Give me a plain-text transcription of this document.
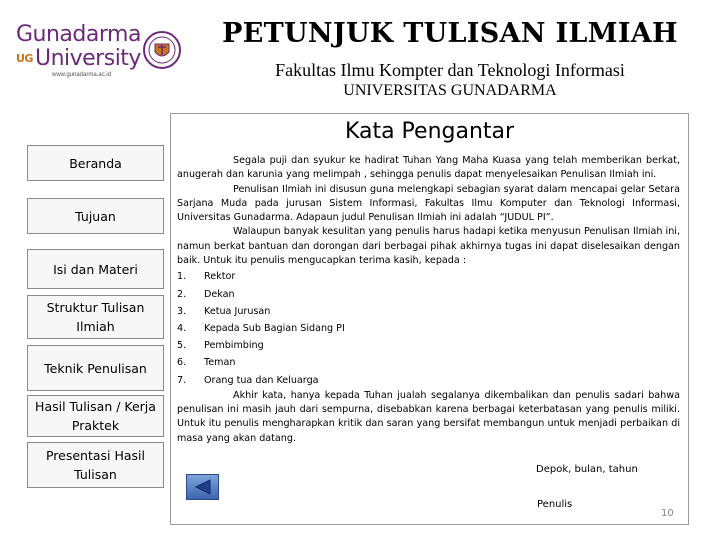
Gunadarma
UGUniversity
www.gunadarma.ac.id
PETUNJUK TULISAN ILMIAH
Fakultas Ilmu Kompter dan Teknologi Informasi
UNIVERSITAS GUNADARMA
Beranda
Tujuan
Isi dan Materi
Struktur Tulisan Ilmiah
Teknik Penulisan
Hasil Tulisan / Kerja Praktek
Presentasi Hasil Tulisan
Kata Pengantar

Segala puji dan syukur ke hadirat Tuhan Yang Maha Kuasa yang telah memberikan berkat, anugerah dan karunia yang melimpah , sehingga penulis dapat menyelesaikan Penulisan Ilmiah ini.

Penulisan Ilmiah ini disusun guna melengkapi sebagian syarat dalam mencapai gelar Setara Sarjana Muda pada jurusan Sistem Informasi, Fakultas Ilmu Komputer dan Teknologi Informasi, Universitas Gunadarma. Adapaun judul Penulisan Ilmiah ini adalah “JUDUL PI”.

Walaupun banyak kesulitan yang penulis harus hadapi ketika menyusun Penulisan Ilmiah ini, namun berkat bantuan dan dorongan dari berbagai pihak akhirnya tugas ini dapat diselesaikan dengan baik. Untuk itu penulis mengucapkan terima kasih, kepada :

1.	Rektor
2.	Dekan
3.	Ketua Jurusan
4.	Kepada Sub Bagian Sidang PI
5.	Pembimbing
6.	Teman
7.	Orang tua dan Keluarga

Akhir kata, hanya kepada Tuhan jualah segalanya dikembalikan dan penulis sadari bahwa penulisan ini masih jauh dari sempurna, disebabkan karena berbagai keterbatasan yang penulis miliki. Untuk itu penulis mengharapkan kritik dan saran yang bersifat membangun untuk menjadi perbaikan di masa yang akan datang.

Depok, bulan, tahun
Penulis
10
